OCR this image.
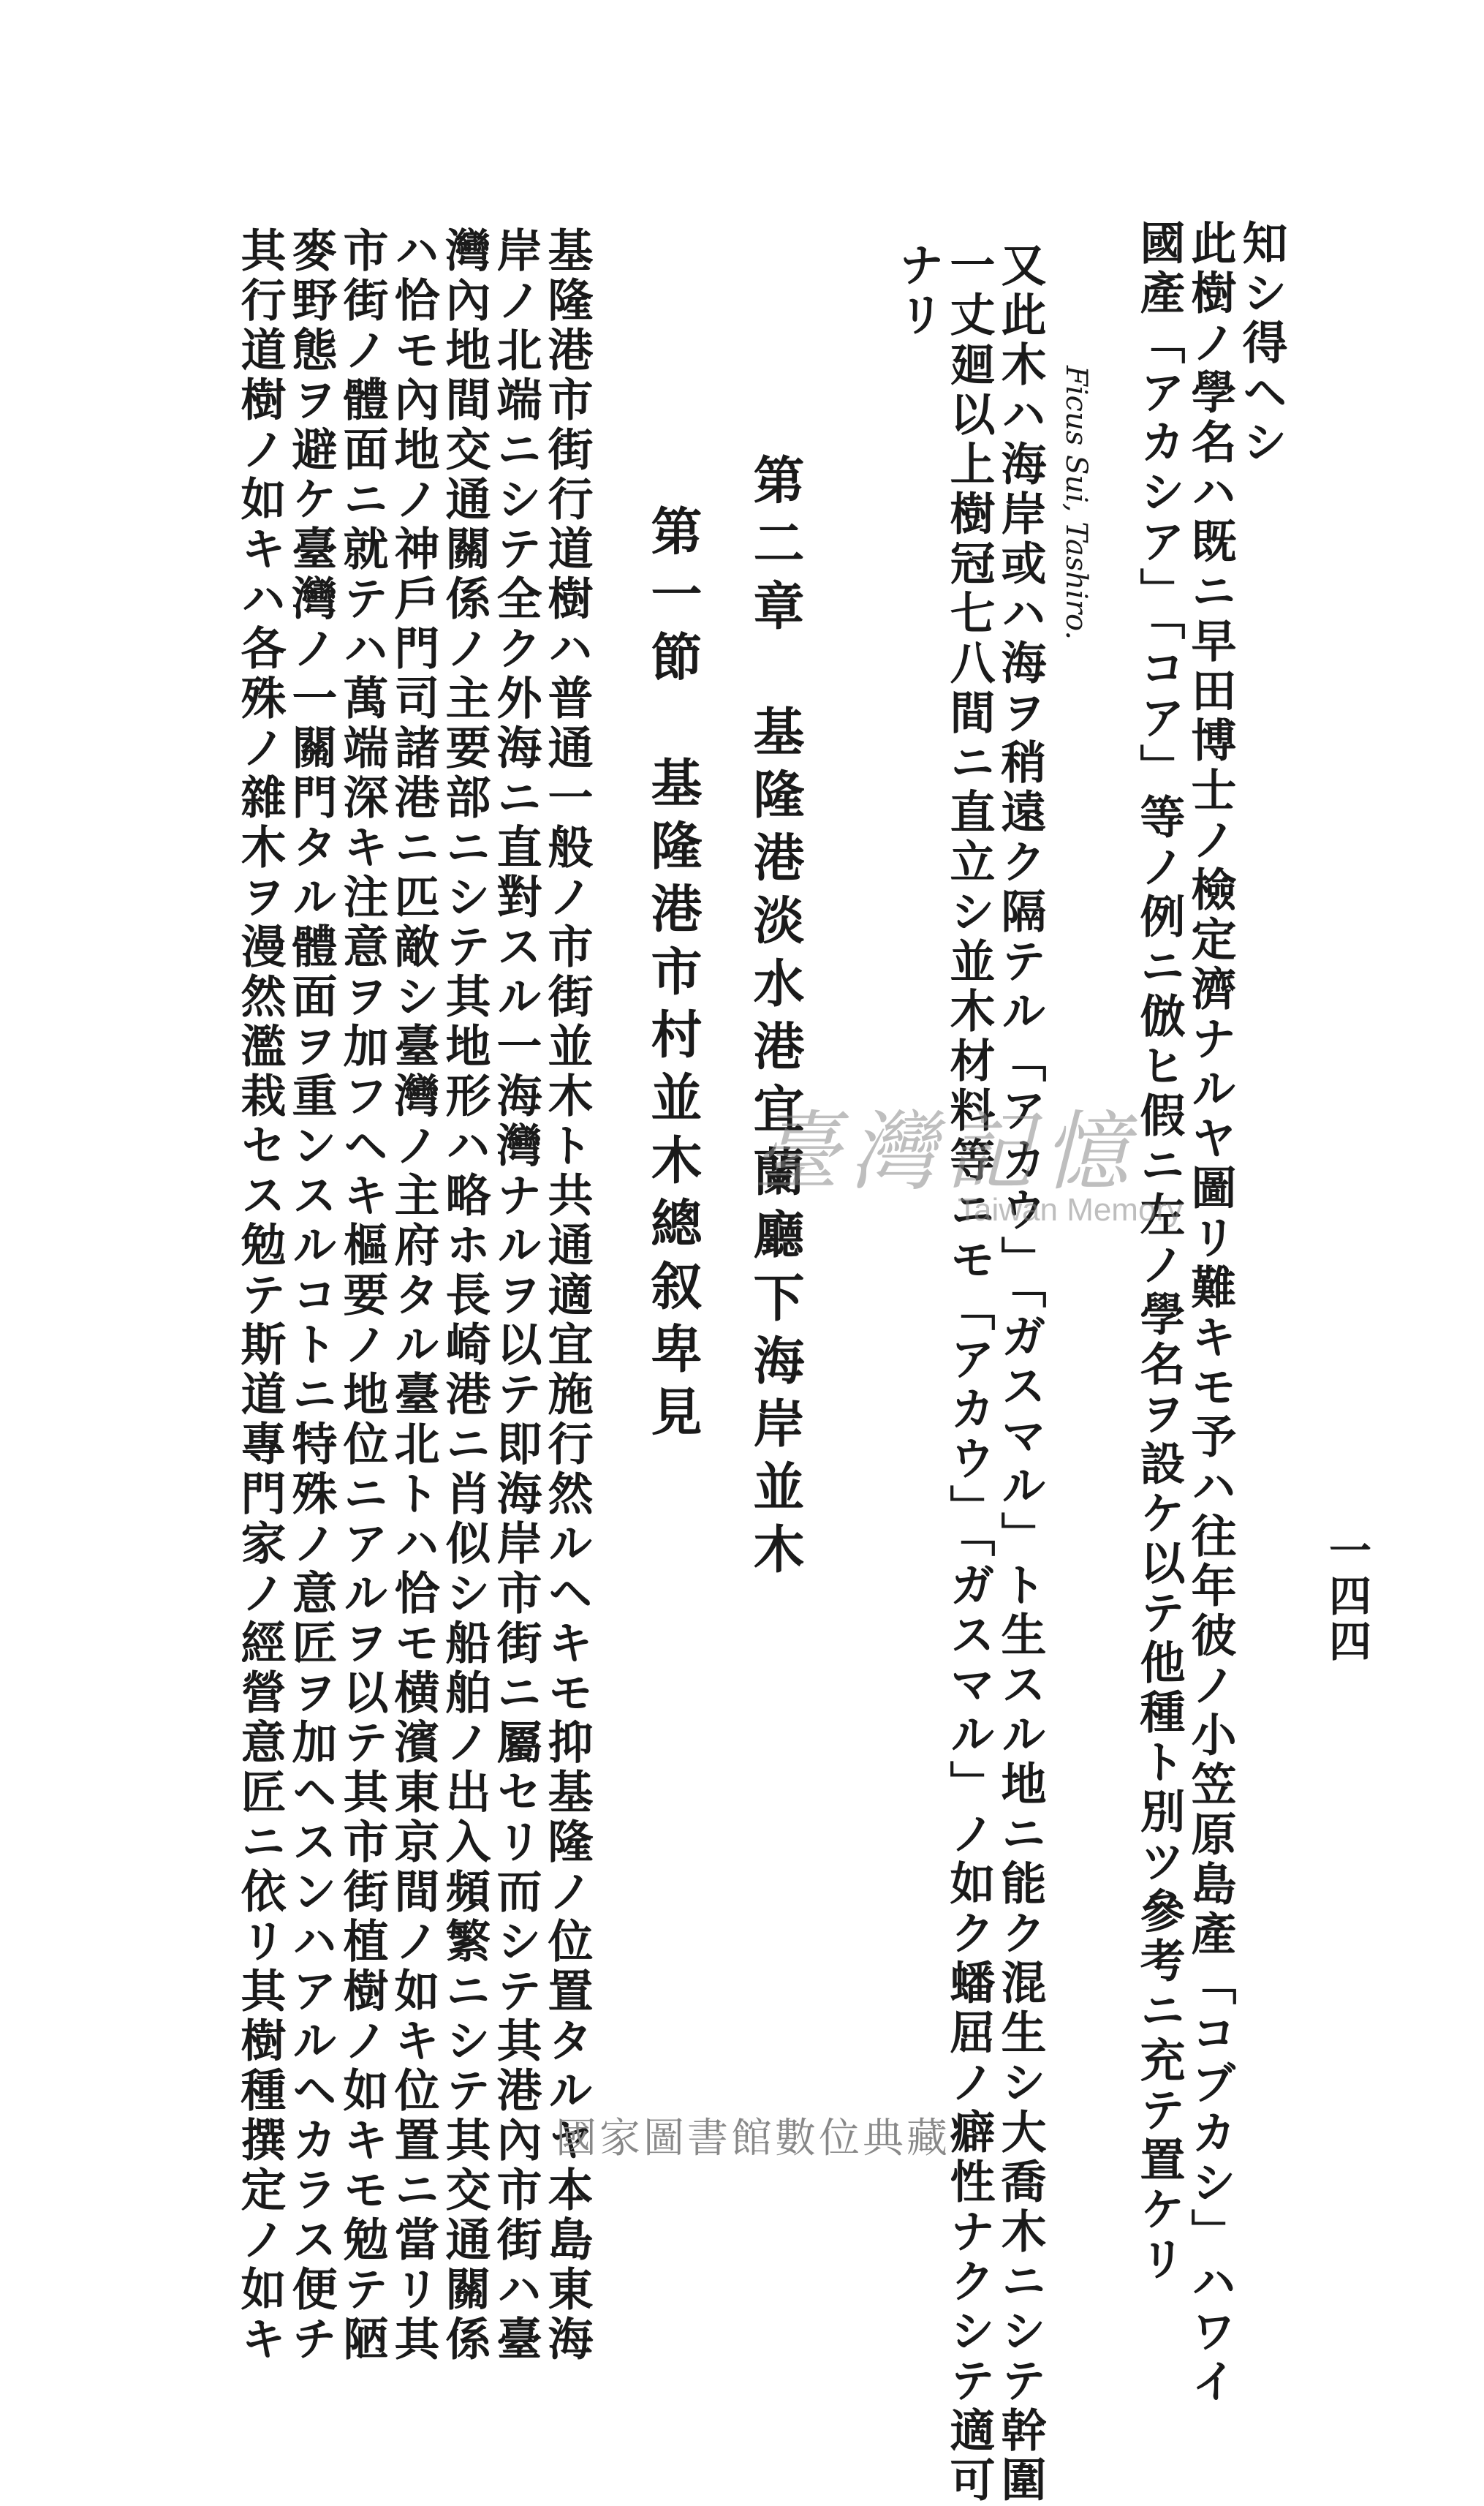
一四四
知シ得ヘシ
此樹ノ學名ハ既ニ早田博士ノ檢定濟ナルヤ圖リ難キモ予ハ往年彼ノ小笠原島產「コブカシ」ハワイ
國產「アカシア」「コア」等ノ例ニ倣ヒ假ニ左ノ學名ヲ設ケ以テ他種ト別ツ參考ニ充テ置ケリ
Ficus Sui, Tashiro.
又此木ハ海岸或ハ海ヲ稍遠ク隔テル「アカウ」「ガスマル」ト生スル地ニ能ク混生シ大喬木ニシテ幹圍
一丈廻以上樹冠七八間ニ直立シ並木材料等ニモ「アカウ」「ガスマル」ノ如ク蟠屈ノ癖性ナクシテ適可
ナリ
第二章　基隆港淡水港宜蘭廳下海岸並木
第一節　基隆港市村並木總叙卑見
基隆港市街行道樹ハ普通一般ノ市街並木ト共通適宜施行然ルヘキモ抑基隆ノ位置タルヤ本島東海
岸ノ北端ニシテ全ク外海ニ直對スル一海灣ナルヲ以テ即海岸市街ニ屬セリ而シテ其港內市街ハ臺
灣內地間交通關係ノ主要部ニシテ其地形ハ略ホ長崎港ニ肖似シ船舶ノ出入頻繁ニシテ其交通關係
ハ恰モ內地ノ神戶門司諸港ニ匹敵シ臺灣ノ主府タル臺北トハ恰モ横濱東京間ノ如キ位置ニ當リ其
市街ノ體面ニ就テハ萬端深キ注意ヲ加フヘキ樞要ノ地位ニアルヲ以テ其市街植樹ノ如キモ勉テ陋
麥野態ヲ避ケ臺灣ノ一關門タル體面ヲ重ンスルコトニ特殊ノ意匠ヲ加ヘスンハアルヘカラス便チ
其行道樹ノ如キハ各殊ノ雜木ヲ漫然濫栽セス勉テ斯道專門家ノ經營意匠ニ依リ其樹種撰定ノ如キ	臺灣記憶
Taiwan Memory
國家圖書館數位典藏
